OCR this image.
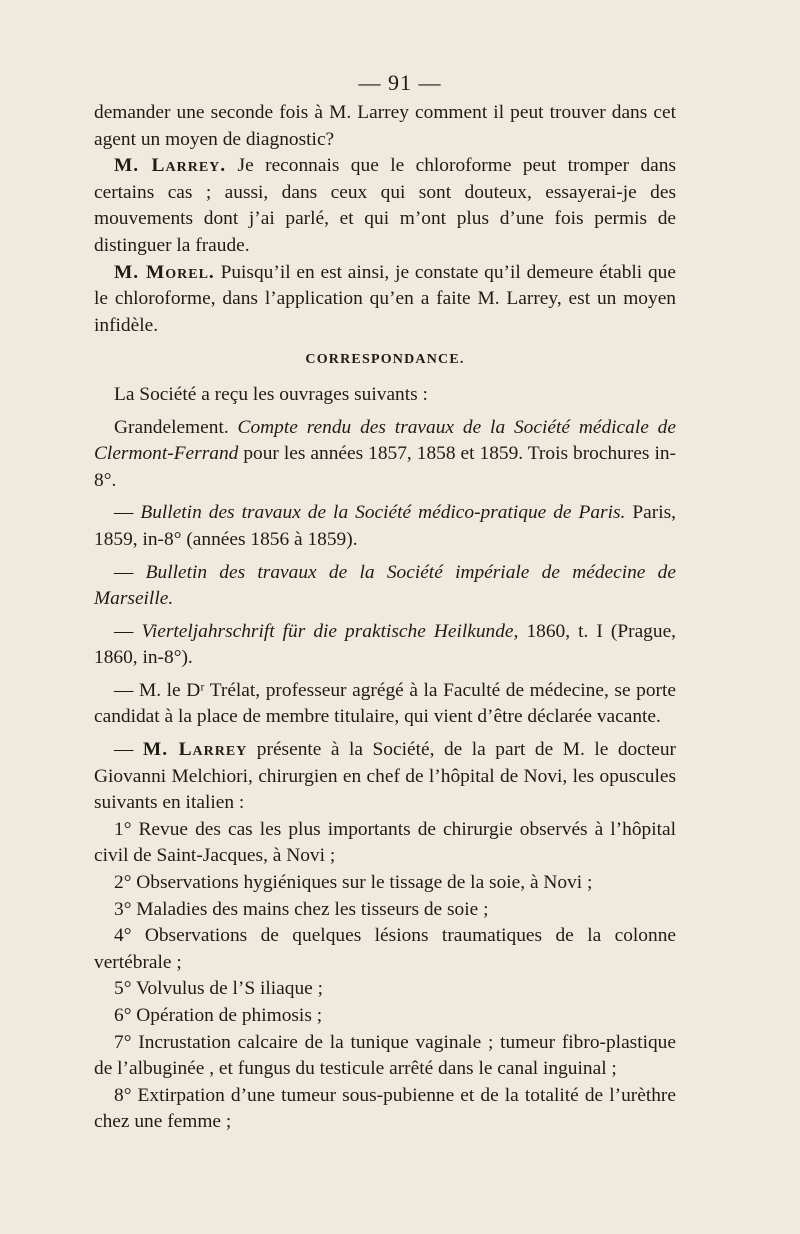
— 91 —

demander une seconde fois à M. Larrey comment il peut trouver dans cet agent un moyen de diagnostic?

M. Larrey. Je reconnais que le chloroforme peut tromper dans certains cas ; aussi, dans ceux qui sont douteux, essayerai-je des mouvements dont j’ai parlé, et qui m’ont plus d’une fois permis de distinguer la fraude.

M. Morel. Puisqu’il en est ainsi, je constate qu’il demeure établi que le chloroforme, dans l’application qu’en a faite M. Larrey, est un moyen infidèle.

CORRESPONDANCE.

La Société a reçu les ouvrages suivants :

Grandelement. Compte rendu des travaux de la Société médicale de Clermont-Ferrand pour les années 1857, 1858 et 1859. Trois brochures in-8°.

— Bulletin des travaux de la Société médico-pratique de Paris. Paris, 1859, in-8° (années 1856 à 1859).

— Bulletin des travaux de la Société impériale de médecine de Marseille.

— Vierteljahrschrift für die praktische Heilkunde, 1860, t. I (Prague, 1860, in-8°).

— M. le Dʳ Trélat, professeur agrégé à la Faculté de médecine, se porte candidat à la place de membre titulaire, qui vient d’être déclarée vacante.

— M. Larrey présente à la Société, de la part de M. le docteur Giovanni Melchiori, chirurgien en chef de l’hôpital de Novi, les opuscules suivants en italien :

1° Revue des cas les plus importants de chirurgie observés à l’hôpital civil de Saint-Jacques, à Novi ;

2° Observations hygiéniques sur le tissage de la soie, à Novi ;

3° Maladies des mains chez les tisseurs de soie ;

4° Observations de quelques lésions traumatiques de la colonne vertébrale ;

5° Volvulus de l’S iliaque ;

6° Opération de phimosis ;

7° Incrustation calcaire de la tunique vaginale ; tumeur fibro-plastique de l’albuginée , et fungus du testicule arrêté dans le canal inguinal ;

8° Extirpation d’une tumeur sous-pubienne et de la totalité de l’urèthre chez une femme ;
